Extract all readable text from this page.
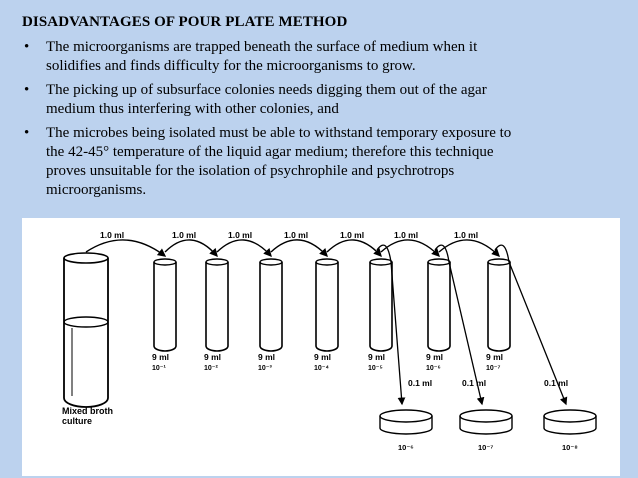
DISADVANTAGES OF POUR PLATE METHOD
• The microorganisms are trapped beneath the surface of medium when it
solidifies and finds difficulty for the microorganisms to grow.
• The picking up of subsurface colonies needs digging them out of the agar
medium thus interfering with other colonies, and
• The microbes being isolated must be able to withstand temporary exposure to
the 42-45° temperature of the liquid agar medium; therefore this technique
proves unsuitable for the isolation of psychrophile and psychrotrops
microorganisms.
Mixed broth
culture
9 ml
10⁻¹
9 ml
10⁻²
9 ml
10⁻³
9 ml
10⁻⁴
9 ml
10⁻⁵
9 ml
10⁻⁶
9 ml
10⁻⁷
1.0 ml	1.0 ml	1.0 ml	1.0 ml	1.0 ml	1.0 ml	1.0 ml
10⁻⁶
0.1 ml
10⁻⁷
0.1 ml
10⁻⁸
0.1 ml
